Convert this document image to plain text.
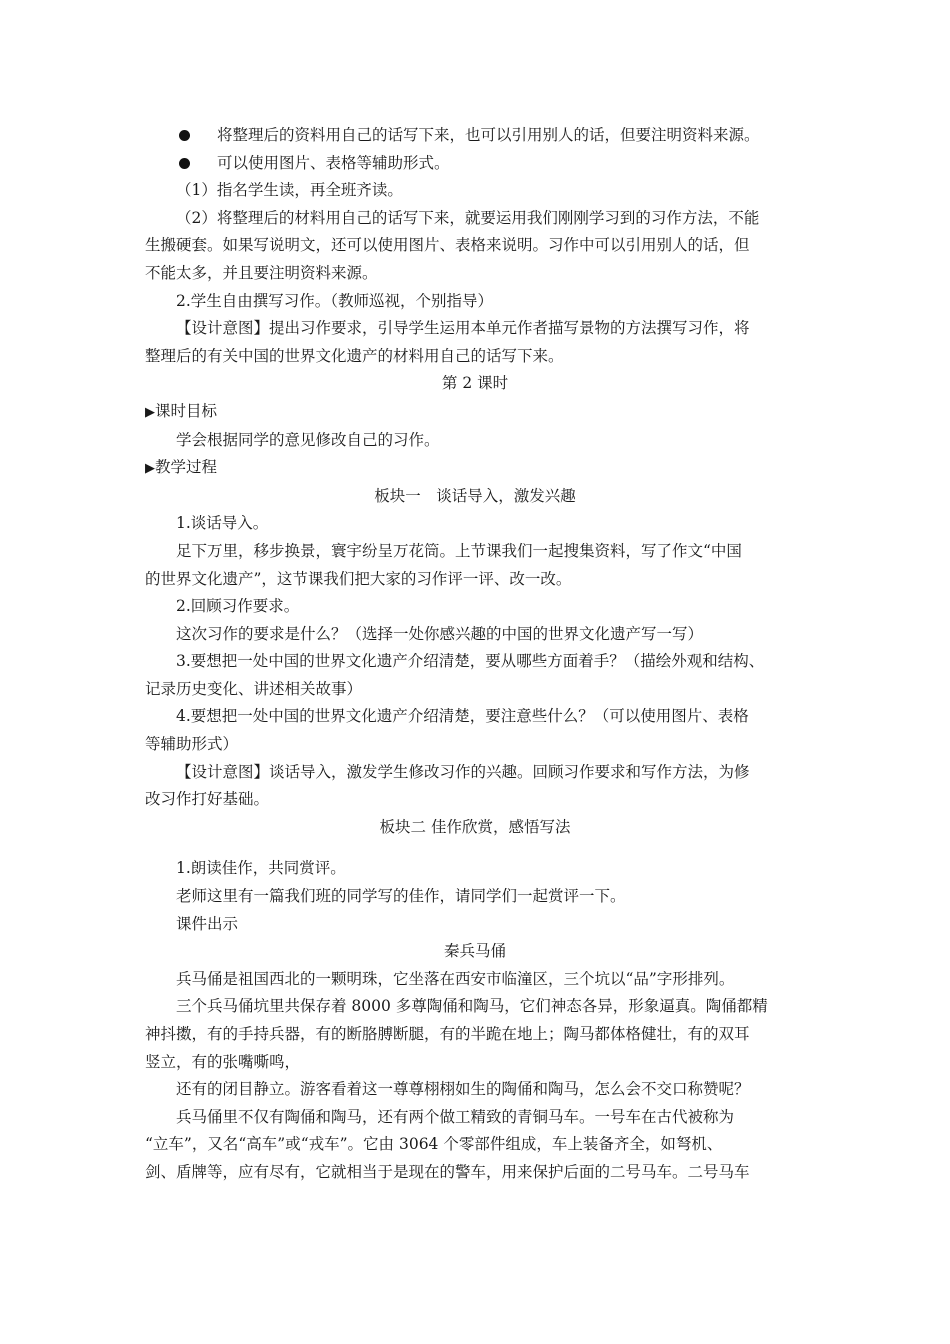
将整理后的资料用自己的话写下来，也可以引用别人的话，但要注明资料来源。
可以使用图片、表格等辅助形式。
（1）指名学生读，再全班齐读。
（2）将整理后的材料用自己的话写下来，就要运用我们刚刚学习到的习作方法，不能
生搬硬套。如果写说明文，还可以使用图片、表格来说明。习作中可以引用别人的话，但
不能太多，并且要注明资料来源。
2.学生自由撰写习作。（教师巡视，个别指导）
【设计意图】提出习作要求，引导学生运用本单元作者描写景物的方法撰写习作，将
整理后的有关中国的世界文化遗产的材料用自己的话写下来。
第 2 课时
▶课时目标
学会根据同学的意见修改自己的习作。
▶教学过程
板块一　谈话导入，激发兴趣
1.谈话导入。
足下万里，移步换景，寰宇纷呈万花筒。上节课我们一起搜集资料，写了作文“中国
的世界文化遗产”，这节课我们把大家的习作评一评、改一改。
2.回顾习作要求。
这次习作的要求是什么？（选择一处你感兴趣的中国的世界文化遗产写一写）
3.要想把一处中国的世界文化遗产介绍清楚，要从哪些方面着手？（描绘外观和结构、
记录历史变化、讲述相关故事）
4.要想把一处中国的世界文化遗产介绍清楚，要注意些什么？（可以使用图片、表格
等辅助形式）
【设计意图】谈话导入，激发学生修改习作的兴趣。回顾习作要求和写作方法，为修
改习作打好基础。
板块二 佳作欣赏，感悟写法
1.朗读佳作，共同赏评。
老师这里有一篇我们班的同学写的佳作，请同学们一起赏评一下。
课件出示
秦兵马俑
兵马俑是祖国西北的一颗明珠，它坐落在西安市临潼区，三个坑以“品”字形排列。
三个兵马俑坑里共保存着 8000 多尊陶俑和陶马，它们神态各异，形象逼真。陶俑都精
神抖擞，有的手持兵器，有的断胳膊断腿，有的半跪在地上；陶马都体格健壮，有的双耳
竖立，有的张嘴嘶鸣，
还有的闭目静立。游客看着这一尊尊栩栩如生的陶俑和陶马，怎么会不交口称赞呢？
兵马俑里不仅有陶俑和陶马，还有两个做工精致的青铜马车。一号车在古代被称为
“立车”，又名“高车”或“戎车”。它由 3064 个零部件组成，车上装备齐全，如弩机、
剑、盾牌等，应有尽有，它就相当于是现在的警车，用来保护后面的二号马车。二号马车
